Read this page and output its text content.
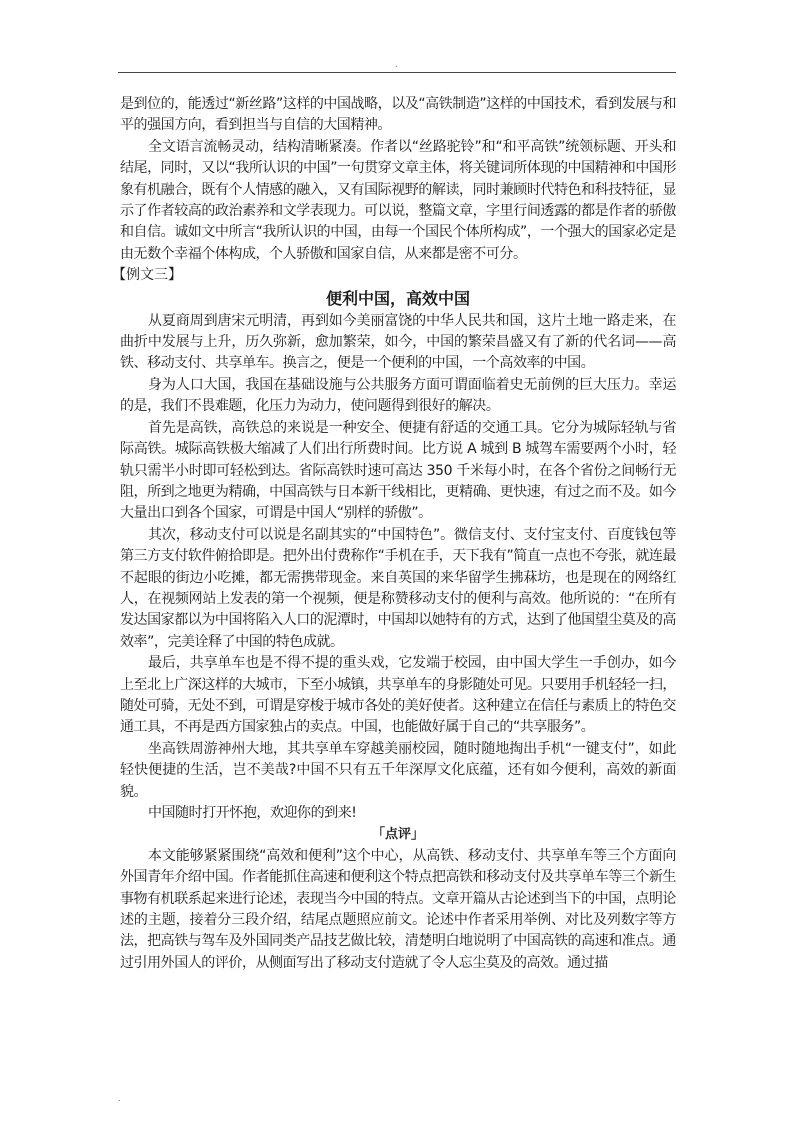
.

是到位的，能透过“新丝路”这样的中国战略，以及“高铁制造”这样的中国技术，看到发展与和平的强国方向，看到担当与自信的大国精神。

全文语言流畅灵动，结构清晰紧凑。作者以“丝路驼铃”和“和平高铁”统领标题、开头和结尾，同时，又以“我所认识的中国”一句贯穿文章主体，将关键词所体现的中国精神和中国形象有机融合，既有个人情感的融入，又有国际视野的解读，同时兼顾时代特色和科技特征，显示了作者较高的政治素养和文学表现力。可以说，整篇文章，字里行间透露的都是作者的骄傲和自信。诚如文中所言“我所认识的中国，由每一个国民个体所构成”，一个强大的国家必定是由无数个幸福个体构成，个人骄傲和国家自信，从来都是密不可分。

【例文三】
便利中国，高效中国

从夏商周到唐宋元明清，再到如今美丽富饶的中华人民共和国，这片土地一路走来，在曲折中发展与上升，历久弥新，愈加繁荣，如今，中国的繁荣昌盛又有了新的代名词——高铁、移动支付、共享单车。换言之，便是一个便利的中国，一个高效率的中国。

身为人口大国，我国在基础设施与公共服务方面可谓面临着史无前例的巨大压力。幸运的是，我们不畏难题，化压力为动力，使问题得到很好的解决。

首先是高铁，高铁总的来说是一种安全、便捷有舒适的交通工具。它分为城际轻轨与省际高铁。城际高铁极大缩减了人们出行所费时间。比方说 A 城到 B 城驾车需要两个小时，轻轨只需半小时即可轻松到达。省际高铁时速可高达 350 千米每小时，在各个省份之间畅行无阻，所到之地更为精确，中国高铁与日本新干线相比，更精确、更快速，有过之而不及。如今大量出口到各个国家，可谓是中国人“别样的骄傲”。

其次，移动支付可以说是名副其实的“中国特色”。微信支付、支付宝支付、百度钱包等第三方支付软件俯拾即是。把外出付费称作“手机在手，天下我有”简直一点也不夸张，就连最不起眼的街边小吃摊，都无需携带现金。来自英国的来华留学生拂菻坊，也是现在的网络红人，在视频网站上发表的第一个视频，便是称赞移动支付的便利与高效。他所说的：“在所有发达国家都以为中国将陷入人口的泥潭时，中国却以她特有的方式，达到了他国望尘莫及的高效率”，完美诠释了中国的特色成就。

最后，共享单车也是不得不提的重头戏，它发端于校园，由中国大学生一手创办，如今上至北上广深这样的大城市，下至小城镇，共享单车的身影随处可见。只要用手机轻轻一扫，随处可骑，无处不到，可谓是穿梭于城市各处的美好使者。这种建立在信任与素质上的特色交通工具，不再是西方国家独占的卖点。中国，也能做好属于自己的“共享服务”。

坐高铁周游神州大地，其共享单车穿越美丽校园，随时随地掏出手机“一键支付”，如此轻快便捷的生活，岂不美哉?中国不只有五千年深厚文化底蕴，还有如今便利，高效的新面貌。

中国随时打开怀抱，欢迎你的到来!

「点评」

本文能够紧紧围绕“高效和便利”这个中心，从高铁、移动支付、共享单车等三个方面向外国青年介绍中国。作者能抓住高速和便利这个特点把高铁和移动支付及共享单车等三个新生事物有机联系起来进行论述，表现当今中国的特点。文章开篇从古论述到当下的中国，点明论述的主题，接着分三段介绍，结尾点题照应前文。论述中作者采用举例、对比及列数字等方法，把高铁与驾车及外国同类产品技艺做比较，清楚明白地说明了中国高铁的高速和准点。通过引用外国人的评价，从侧面写出了移动支付造就了令人忘尘莫及的高效。通过描

.
